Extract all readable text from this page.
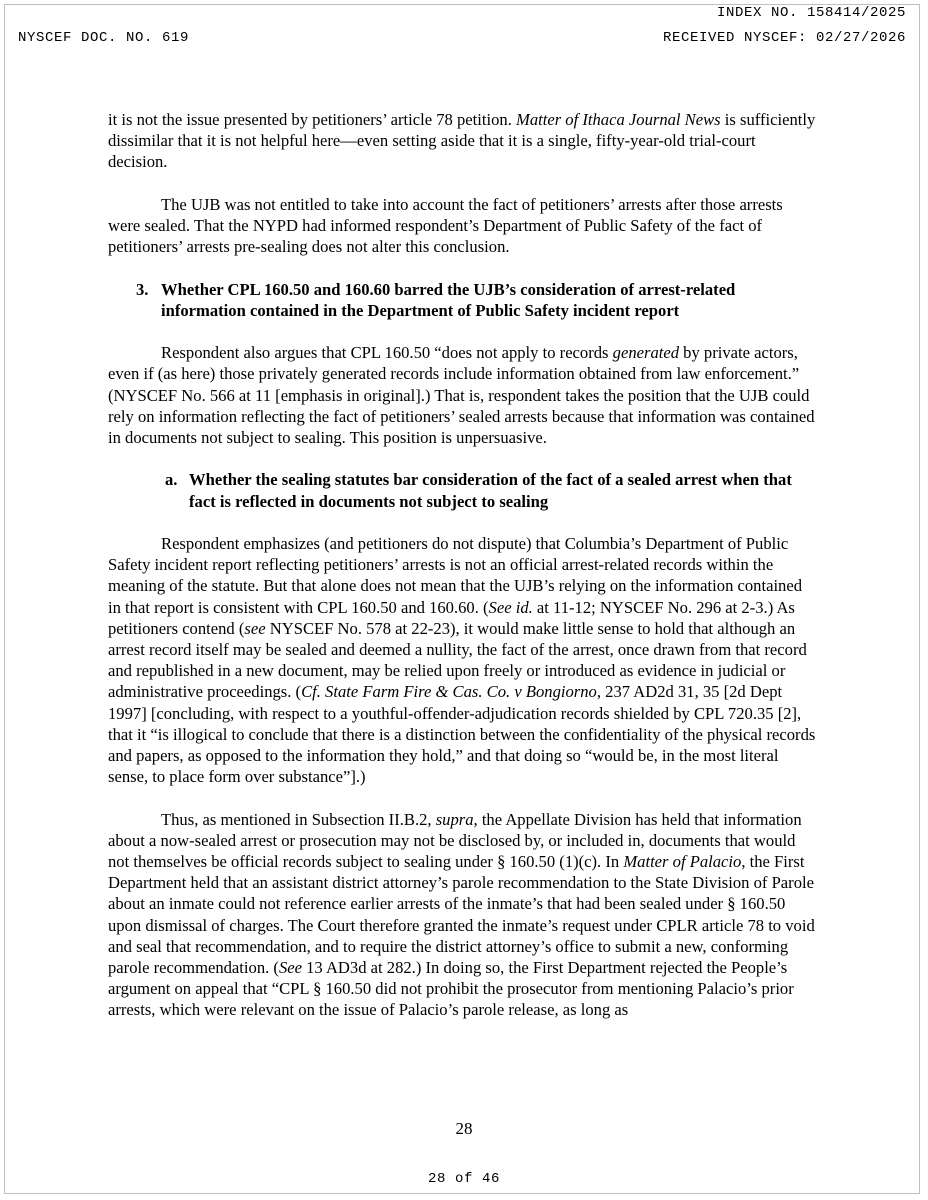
INDEX NO. 158414/2025
NYSCEF DOC. NO. 619	RECEIVED NYSCEF: 02/27/2026

it is not the issue presented by petitioners’ article 78 petition. Matter of Ithaca Journal News is sufficiently dissimilar that it is not helpful here—even setting aside that it is a single, fifty-year-old trial-court decision.

The UJB was not entitled to take into account the fact of petitioners’ arrests after those arrests were sealed. That the NYPD had informed respondent’s Department of Public Safety of the fact of petitioners’ arrests pre-sealing does not alter this conclusion.

3. Whether CPL 160.50 and 160.60 barred the UJB’s consideration of arrest-related information contained in the Department of Public Safety incident report

Respondent also argues that CPL 160.50 “does not apply to records generated by private actors, even if (as here) those privately generated records include information obtained from law enforcement.” (NYSCEF No. 566 at 11 [emphasis in original].) That is, respondent takes the position that the UJB could rely on information reflecting the fact of petitioners’ sealed arrests because that information was contained in documents not subject to sealing. This position is unpersuasive.

a. Whether the sealing statutes bar consideration of the fact of a sealed arrest when that fact is reflected in documents not subject to sealing

Respondent emphasizes (and petitioners do not dispute) that Columbia’s Department of Public Safety incident report reflecting petitioners’ arrests is not an official arrest-related records within the meaning of the statute. But that alone does not mean that the UJB’s relying on the information contained in that report is consistent with CPL 160.50 and 160.60. (See id. at 11-12; NYSCEF No. 296 at 2-3.) As petitioners contend (see NYSCEF No. 578 at 22-23), it would make little sense to hold that although an arrest record itself may be sealed and deemed a nullity, the fact of the arrest, once drawn from that record and republished in a new document, may be relied upon freely or introduced as evidence in judicial or administrative proceedings. (Cf. State Farm Fire & Cas. Co. v Bongiorno, 237 AD2d 31, 35 [2d Dept 1997] [concluding, with respect to a youthful-offender-adjudication records shielded by CPL 720.35 [2], that it “is illogical to conclude that there is a distinction between the confidentiality of the physical records and papers, as opposed to the information they hold,” and that doing so “would be, in the most literal sense, to place form over substance”].)

Thus, as mentioned in Subsection II.B.2, supra, the Appellate Division has held that information about a now-sealed arrest or prosecution may not be disclosed by, or included in, documents that would not themselves be official records subject to sealing under § 160.50 (1)(c). In Matter of Palacio, the First Department held that an assistant district attorney’s parole recommendation to the State Division of Parole about an inmate could not reference earlier arrests of the inmate’s that had been sealed under § 160.50 upon dismissal of charges. The Court therefore granted the inmate’s request under CPLR article 78 to void and seal that recommendation, and to require the district attorney’s office to submit a new, conforming parole recommendation. (See 13 AD3d at 282.) In doing so, the First Department rejected the People’s argument on appeal that “CPL § 160.50 did not prohibit the prosecutor from mentioning Palacio’s prior arrests, which were relevant on the issue of Palacio’s parole release, as long as

28
28 of 46
